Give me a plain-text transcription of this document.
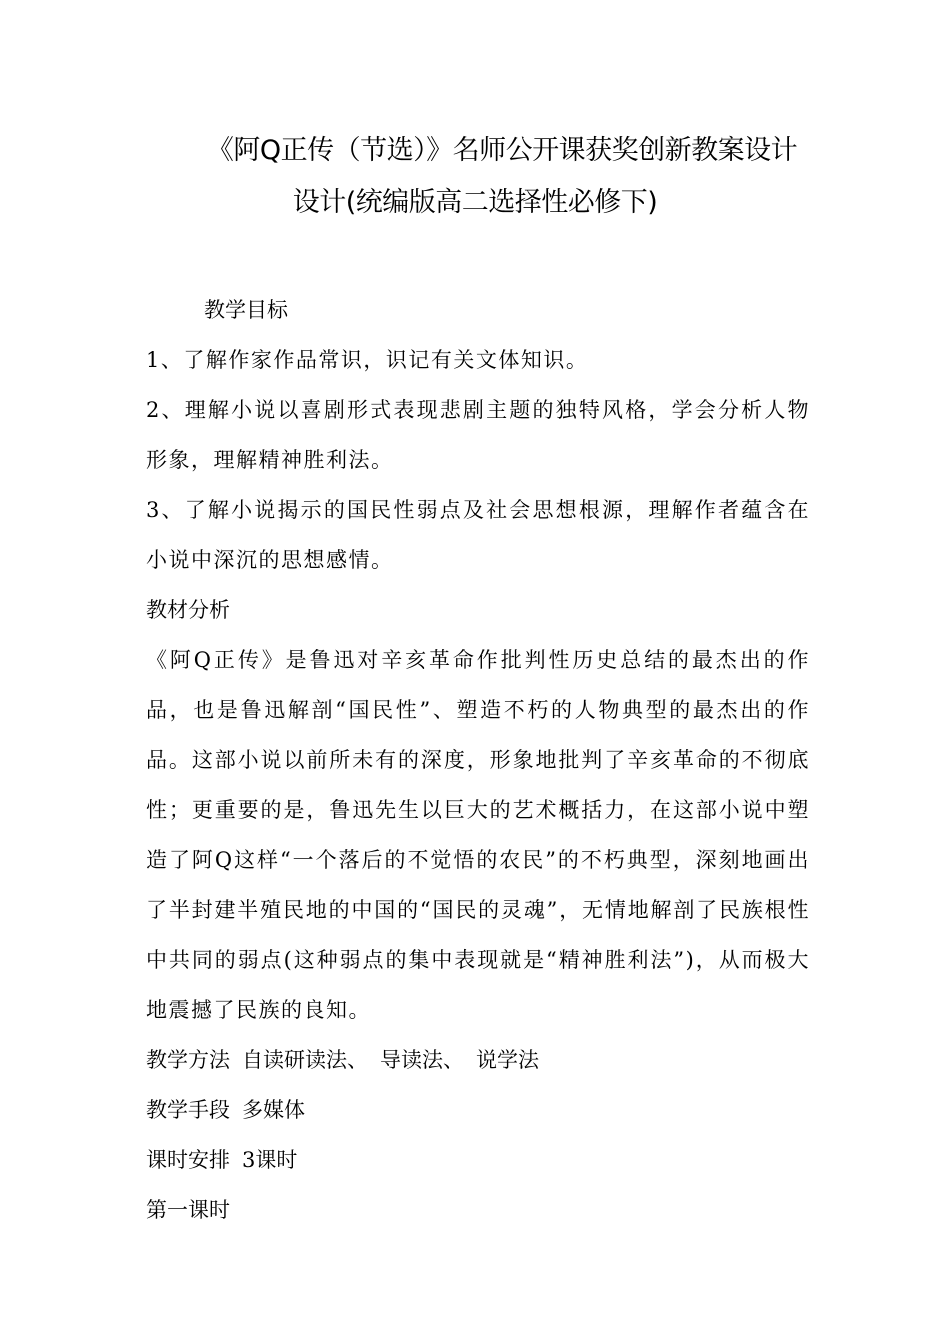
《阿Q正传（节选）》名师公开课获奖创新教案设计
设计(统编版高二选择性必修下)

教学目标

1、了解作家作品常识，识记有关文体知识。

2、理解小说以喜剧形式表现悲剧主题的独特风格，学会分析人物形象，理解精神胜利法。

3、了解小说揭示的国民性弱点及社会思想根源，理解作者蕴含在小说中深沉的思想感情。

教材分析

《阿Q正传》是鲁迅对辛亥革命作批判性历史总结的最杰出的作品，也是鲁迅解剖“国民性”、塑造不朽的人物典型的最杰出的作品。这部小说以前所未有的深度，形象地批判了辛亥革命的不彻底性；更重要的是，鲁迅先生以巨大的艺术概括力，在这部小说中塑造了阿Q这样“一个落后的不觉悟的农民”的不朽典型，深刻地画出了半封建半殖民地的中国的“国民的灵魂”，无情地解剖了民族根性中共同的弱点(这种弱点的集中表现就是“精神胜利法”)，从而极大地震撼了民族的良知。

教学方法 自读研读法、 导读法、 说学法

教学手段 多媒体

课时安排 3课时

第一课时
